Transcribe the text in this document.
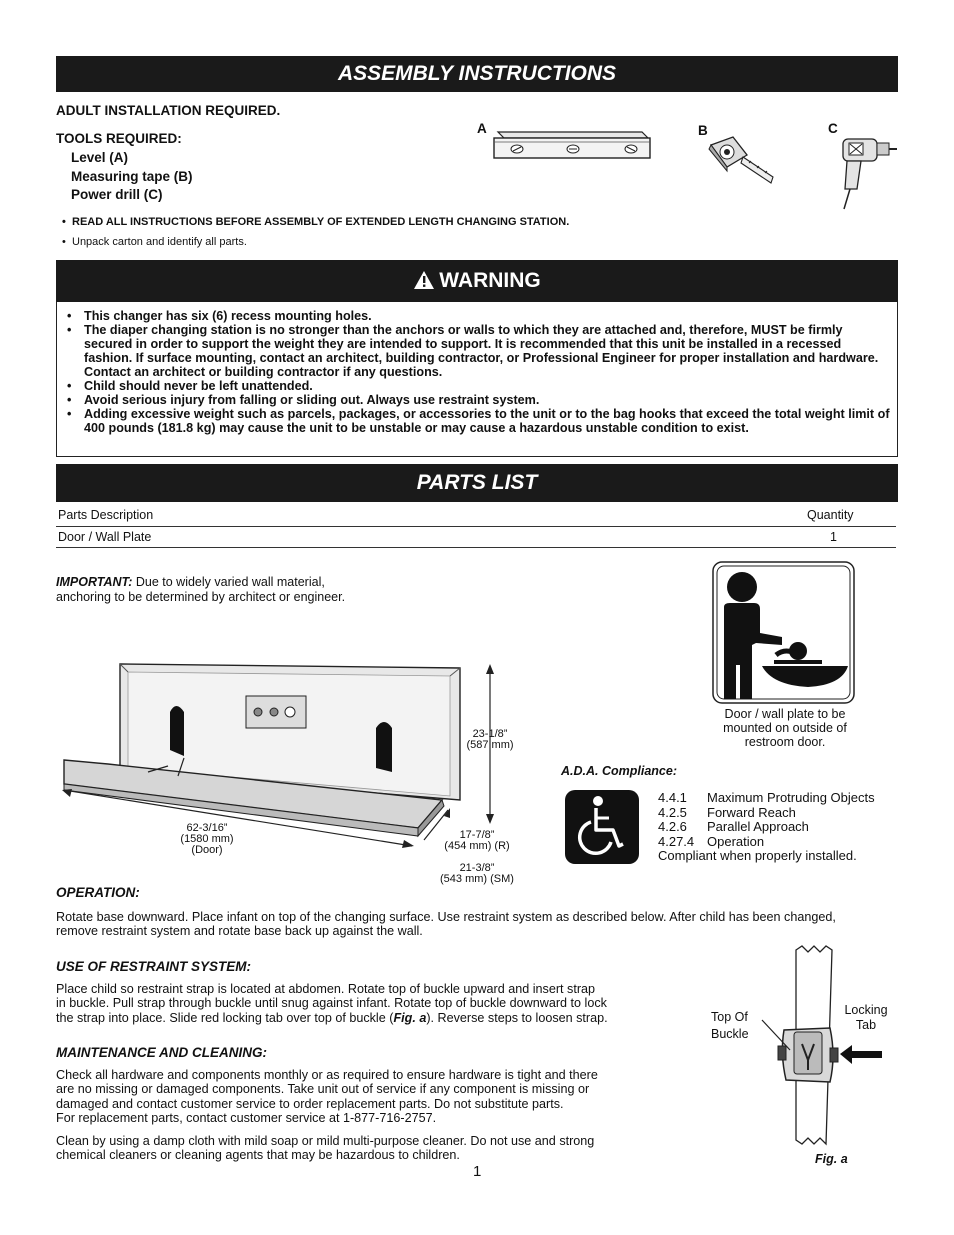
ASSEMBLY INSTRUCTIONS
ADULT INSTALLATION REQUIRED.
TOOLS REQUIRED:
Level (A)
Measuring tape (B)
Power drill (C)
A	B	C
• READ ALL INSTRUCTIONS BEFORE ASSEMBLY OF EXTENDED LENGTH CHANGING STATION.
• Unpack carton and identify all parts.
WARNING
• This changer has six (6) recess mounting holes.
• The diaper changing station is no stronger than the anchors or walls to which they are attached and, therefore, MUST be firmly secured in order to support the weight they are intended to support. It is recommended that this unit be installed in a recessed fashion. If surface mounting, contact an architect, building contractor, or Professional Engineer for proper installation and hardware. Contact an architect or building contractor if any questions.
• Child should never be left unattended.
• Avoid serious injury from falling or sliding out. Always use restraint system.
• Adding excessive weight such as parcels, packages, or accessories to the unit or to the bag hooks that exceed the total weight limit of 400 pounds (181.8 kg) may cause the unit to be unstable or may cause a hazardous unstable condition to exist.
PARTS LIST
Parts Description	Quantity
Door / Wall Plate	1
IMPORTANT: Due to widely varied wall material,
anchoring to be determined by architect or engineer.
23-1/8”
(587 mm)
62-3/16”
(1580 mm)
(Door)
17-7/8”
(454 mm) (R)
21-3/8”
(543 mm) (SM)
Door / wall plate to be
mounted on outside of
restroom door.
A.D.A. Compliance:
4.4.1 Maximum Protruding Objects
4.2.5 Forward Reach
4.2.6 Parallel Approach
4.27.4 Operation
Compliant when properly installed.
OPERATION:

Rotate base downward. Place infant on top of the changing surface. Use restraint system as described below. After child has been changed, remove restraint system and rotate base back up against the wall.

USE OF RESTRAINT SYSTEM:

Place child so restraint strap is located at abdomen. Rotate top of buckle upward and insert strap
in buckle. Pull strap through buckle until snug against infant. Rotate top of buckle downward to lock
the strap into place. Slide red locking tab over top of buckle (Fig. a). Reverse steps to loosen strap.

MAINTENANCE AND CLEANING:

Check all hardware and components monthly or as required to ensure hardware is tight and there
are no missing or damaged components. Take unit out of service if any component is missing or
damaged and contact customer service to order replacement parts. Do not substitute parts.
For replacement parts, contact customer service at 1-877-716-2757.

Clean by using a damp cloth with mild soap or mild multi-purpose cleaner. Do not use and strong
chemical cleaners or cleaning agents that may be hazardous to children.

Top Of
Buckle
Locking
Tab
Fig. a
1
